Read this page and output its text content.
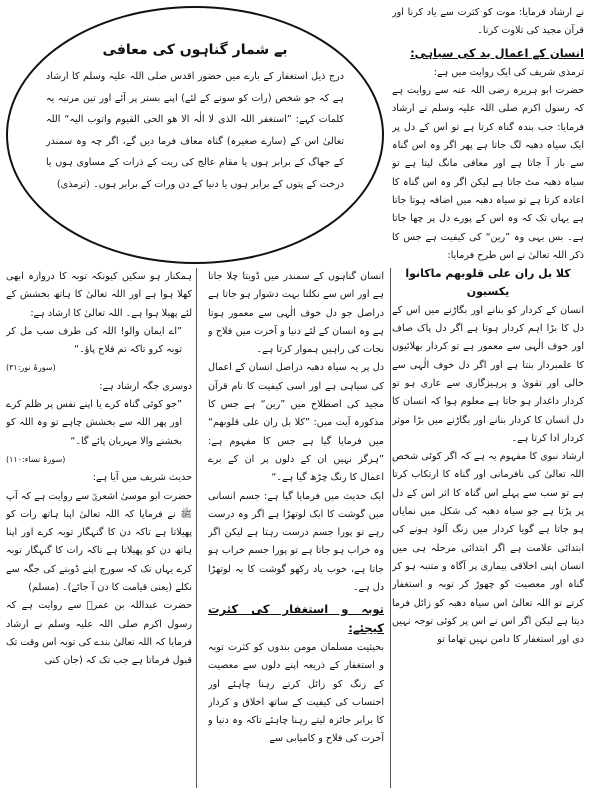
بے شمار گناہوں کی معافی
درج ذیل استغفار کے بارے میں حضور اقدس صلی اللہ علیہ وسلم کا ارشاد ہے کہ جو شخص (رات کو سونے کے لئے) اپنے بستر پر آئے اور تین مرتبہ یہ کلمات کہے: ”استغفر اللہ الذی لا الٰہ الا ھو الحی القیوم واتوب الیہ“ اللہ تعالیٰ اس کے (سارے صغیرہ) گناہ معاف فرما دیں گے، اگر چہ وہ سمندر کے جھاگ کے برابر ہوں یا مقام عالج کی ریت کے ذرات کے مساوی ہوں یا درخت کے پتوں کے برابر ہوں یا دنیا کے دن ورات کے برابر ہوں۔ (ترمذی)
نے ارشاد فرمایا: موت کو کثرت سے یاد کرنا اور قرآن مجید کی تلاوت کرنا۔
انسان کے اعمال بد کی سیاہی:
ترمذی شریف کی ایک روایت میں ہے:
حضرت ابو ہریرہ رضی اللہ عنہ سے روایت ہے کہ رسول اکرم صلی اللہ علیہ وسلم نے ارشاد فرمایا: جب بندہ گناہ کرتا ہے تو اس کے دل پر ایک سیاہ دھبہ لگ جاتا ہے پھر اگر وہ اس گناہ سے باز آ جاتا ہے اور معافی مانگ لیتا ہے تو سیاہ دھبہ مٹ جاتا ہے لیکن اگر وہ اس گناہ کا اعادہ کرتا ہے تو سیاہ دھبہ میں اضافہ ہوتا جاتا ہے یہاں تک کہ وہ اس کے پورے دل پر چھا جاتا ہے۔ بس یہی وہ ”رین“ کی کیفیت ہے جس کا ذکر اللہ تعالیٰ نے اس طرح فرمایا:
کلا بل ران علی قلوبھم ماکانوا یکسبون
انسان کے کردار کو بنانے اور بگاڑنے میں اس کے دل کا بڑا اہم کردار ہوتا ہے اگر دل پاک صاف اور خوف الٰہی سے معمور ہے تو کردار بھلائیوں کا علمبردار بنتا ہے اور اگر دل خوف الٰہی سے خالی اور تقویٰ و پرہیزگاری سے عاری ہو تو کردار داغدار ہو جاتا ہے معلوم ہوا کہ انسان کا دل انسان کا کردار بنانے اور بگاڑنے میں بڑا موثر کردار ادا کرتا ہے۔
ارشاد نبوی کا مفہوم یہ ہے کہ اگر کوئی شخص اللہ تعالیٰ کی نافرمانی اور گناہ کا ارتکاب کرتا ہے تو سب سے پہلے اس گناہ کا اثر اس کے دل پر پڑتا ہے جو سیاہ دھبہ کی شکل میں نمایاں ہو جاتا ہے گویا کردار میں زنگ آلود ہونے کی ابتدائی علامت ہے اگر ابتدائی مرحلہ ہی میں انسان اپنی اخلاقی بیماری پر آگاہ و متنبہ ہو کر گناہ اور معصیت کو چھوڑ کر توبہ و استغفار کرتے تو اللہ تعالیٰ اس سیاہ دھبہ کو زائل فرما دیتا ہے لیکن اگر اس نے اس پر کوئی توجہ نہیں دی اور استغفار کا دامن نہیں تھاما تو
انسان گناہوں کے سمندر میں ڈوبتا چلا جاتا ہے اور اس سے نکلنا بہت دشوار ہو جاتا ہے دراصل جو دل خوف الٰہی سے معمور ہوتا ہے وہ انسان کے لئے دنیا و آخرت میں فلاح و نجات کی راہیں ہموار کرتا ہے۔
دل پر یہ سیاہ دھبہ دراصل انسان کے اعمال کی سیاہی ہے اور اسی کیفیت کا نام قرآن مجید کی اصطلاح میں ”رین“ ہے جس کا مذکورہ آیت میں: ”کلا بل ران علی قلوبھم“ میں فرمایا گیا ہے جس کا مفہوم ہے: ”ہرگز نہیں ان کے دلوں پر ان کے برے اعمال کا رنگ چڑھ گیا ہے۔“
ایک حدیث میں فرمایا گیا ہے: جسم انسانی میں گوشت کا ایک لوتھڑا ہے اگر وہ درست رہے تو پورا جسم درست رہتا ہے لیکن اگر وہ خراب ہو جاتا ہے تو پورا جسم خراب ہو جاتا ہے، خوب یاد رکھو گوشت کا یہ لوتھڑا دل ہے۔
توبہ و استغفار کی کثرت کیجئے:
بحیثیت مسلمان مومن بندوں کو کثرت توبہ و استغفار کے ذریعہ اپنے دلوں سے معصیت کے زنگ کو زائل کرتے رہنا چاہئے اور احتساب کی کیفیت کے ساتھ اخلاق و کردار کا برابر جائزہ لیتے رہنا چاہئے تاکہ وہ دنیا و آخرت کی فلاح و کامیابی سے
ہمکنار ہو سکیں کیونکہ توبہ کا دروازہ ابھی کھلا ہوا ہے اور اللہ تعالیٰ کا ہاتھ بخشش کے لئے پھیلا ہوا ہے۔ اللہ تعالیٰ کا ارشاد ہے:
”اے ایمان والو! اللہ کی طرف سب مل کر توبہ کرو تاکہ تم فلاح پاؤ۔“
(سورۂ نور:۳۱)
دوسری جگہ ارشاد ہے:
”جو کوئی گناہ کرے یا اپنے نفس پر ظلم کرے اور پھر اللہ سے بخشش چاہے تو وہ اللہ کو بخشنے والا مہربان پائے گا۔“
(سورۂ نساء:۱۱۰)
حدیث شریف میں آیا ہے:
حضرت ابو موسیٰ اشعریؓ سے روایت ہے کہ آپ ﷺ نے فرمایا کہ اللہ تعالیٰ اپنا ہاتھ رات کو پھیلاتا ہے تاکہ دن کا گنہگار توبہ کرے اور اپنا ہاتھ دن کو پھیلاتا ہے تاکہ رات کا گنہگار توبہ کرے یہاں تک کہ سورج اپنے ڈوبنے کی جگہ سے نکلے (یعنی قیامت کا دن آ جائے)۔ (مسلم)
حضرت عبداللہ بن عمرؓ سے روایت ہے کہ رسول اکرم صلی اللہ علیہ وسلم نے ارشاد فرمایا کہ اللہ تعالیٰ بندے کی توبہ اس وقت تک قبول فرماتا ہے جب تک کہ (جان کنی
